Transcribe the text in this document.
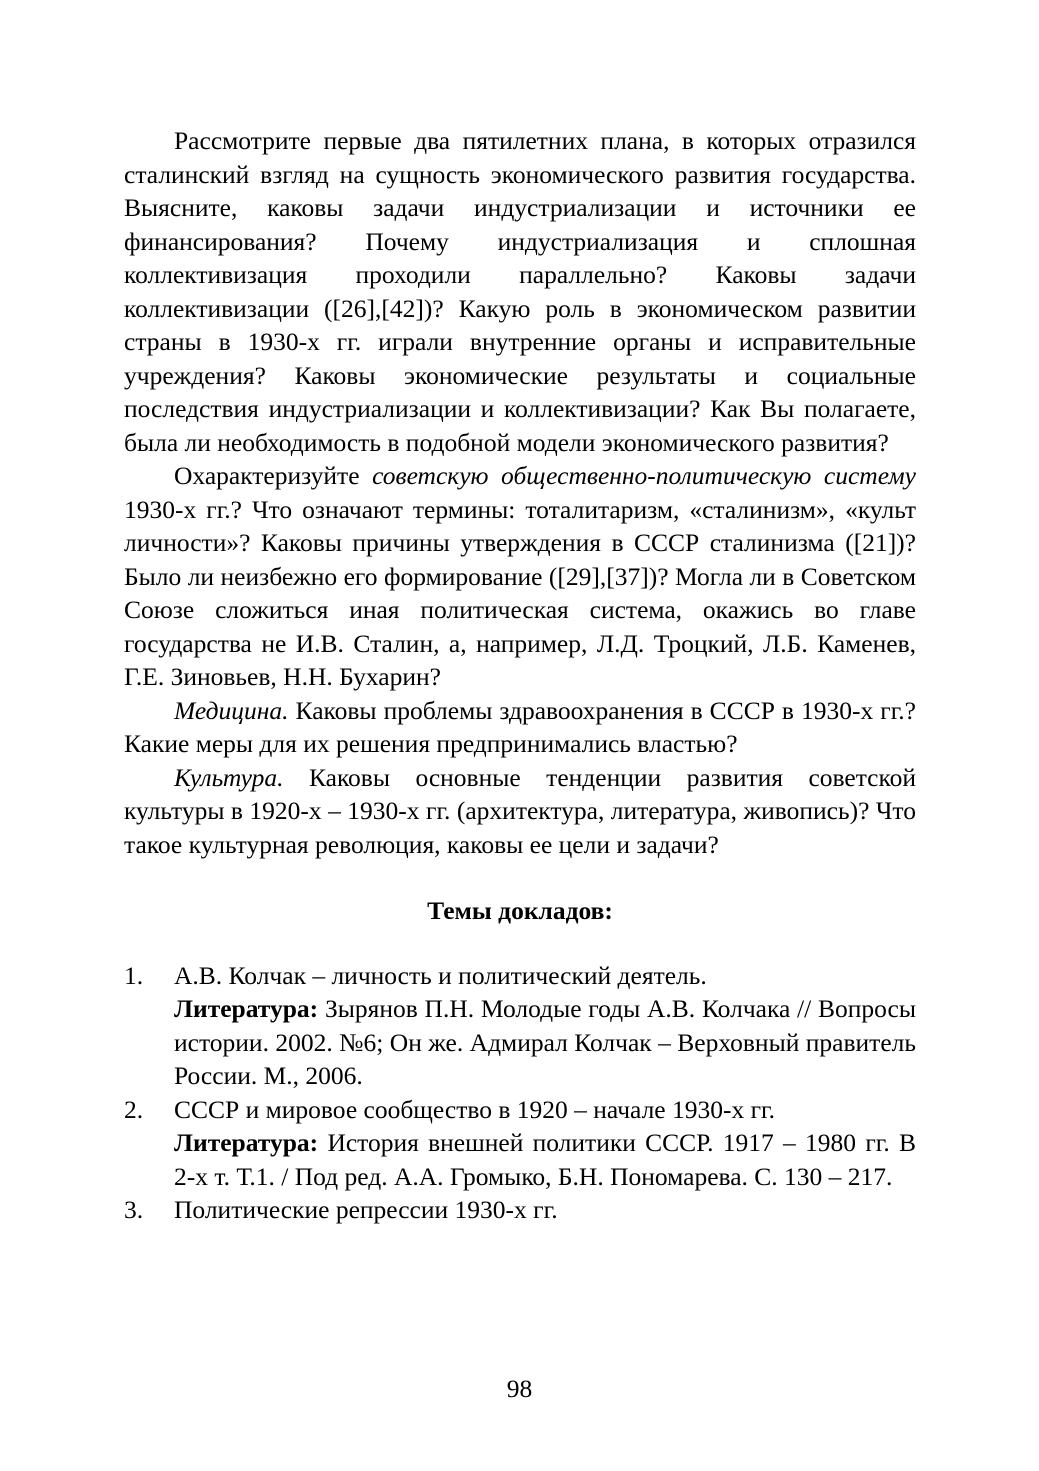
Рассмотрите первые два пятилетних плана, в которых отразился сталинский взгляд на сущность экономического развития государства. Выясните, каковы задачи индустриализации и источники ее финансирования? Почему индустриализация и сплошная коллективизация проходили параллельно? Каковы задачи коллективизации ([26],[42])? Какую роль в экономическом развитии страны в 1930-х гг. играли внутренние органы и исправительные учреждения? Каковы экономические результаты и социальные последствия индустриализации и коллективизации? Как Вы полагаете, была ли необходимость в подобной модели экономического развития?

Охарактеризуйте советскую общественно-политическую систему 1930-х гг.? Что означают термины: тоталитаризм, «сталинизм», «культ личности»? Каковы причины утверждения в СССР сталинизма ([21])? Было ли неизбежно его формирование ([29],[37])? Могла ли в Советском Союзе сложиться иная политическая система, окажись во главе государства не И.В. Сталин, а, например, Л.Д. Троцкий, Л.Б. Каменев, Г.Е. Зиновьев, Н.Н. Бухарин?

Медицина. Каковы проблемы здравоохранения в СССР в 1930-х гг.? Какие меры для их решения предпринимались властью?

Культура. Каковы основные тенденции развития советской культуры в 1920-х – 1930-х гг. (архитектура, литература, живопись)? Что такое культурная революция, каковы ее цели и задачи?

Темы докладов:
1. А.В. Колчак – личность и политический деятель.
Литература: Зырянов П.Н. Молодые годы А.В. Колчака // Вопросы истории. 2002. №6; Он же. Адмирал Колчак – Верховный правитель России. М., 2006.
2. СССР и мировое сообщество в 1920 – начале 1930-х гг.
Литература: История внешней политики СССР. 1917 – 1980 гг. В 2-х т. Т.1. / Под ред. А.А. Громыко, Б.Н. Пономарева. С. 130 – 217.
3. Политические репрессии 1930-х гг.
98
